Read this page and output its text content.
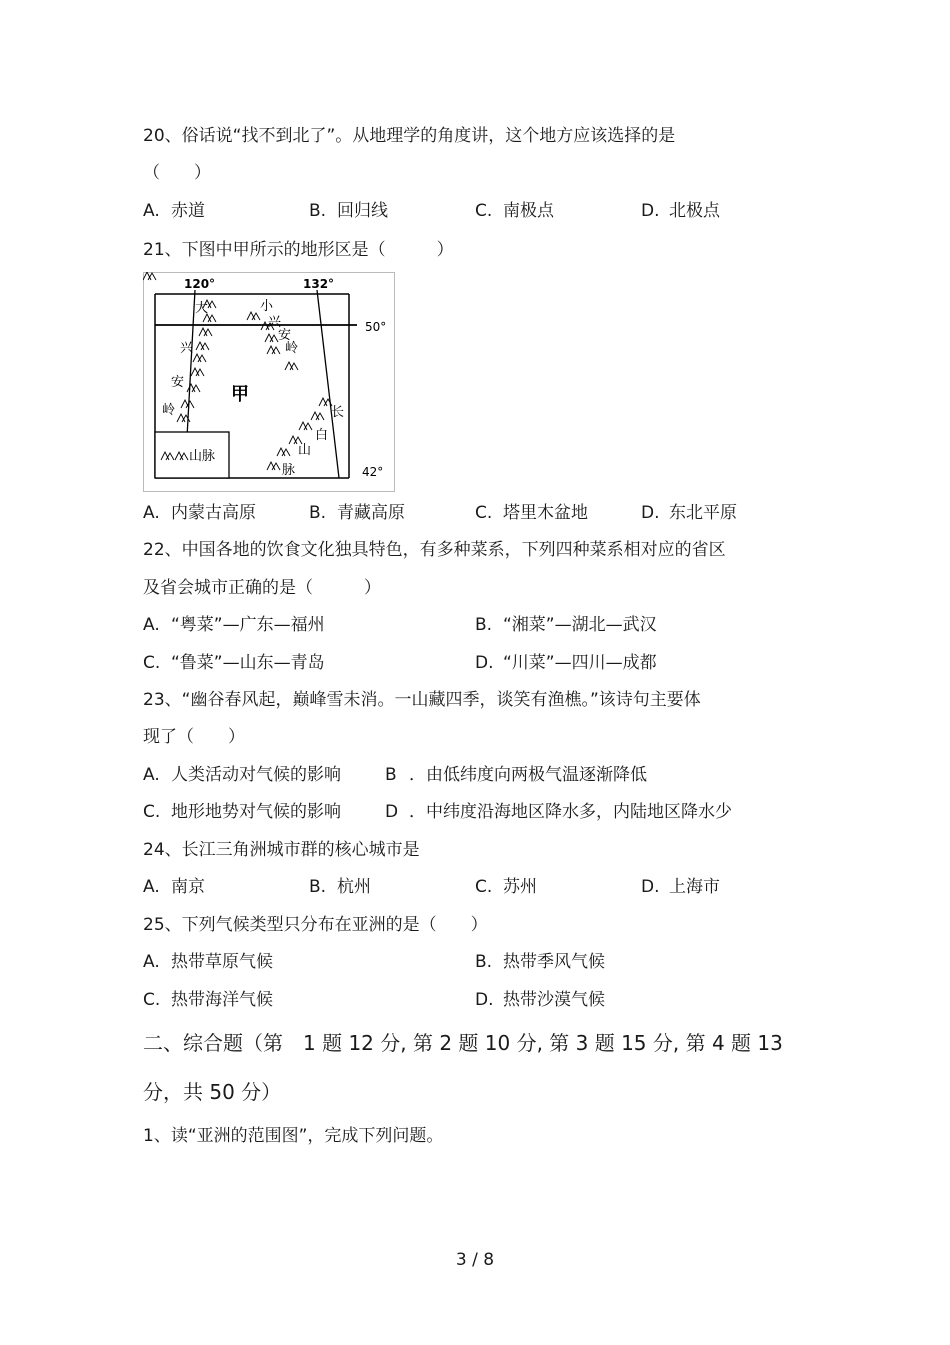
20、俗话说“找不到北了”。从地理学的角度讲，这个地方应该选择的是
（　　）
A. 赤道	B. 回归线	C. 南极点	D. 北极点
21、下图中甲所示的地形区是（　　　）
120°	132°
50°
42°
甲
大
兴
安
岭
小
兴
安
岭
长
白
山
脉
山脉
A. 内蒙古高原	B. 青藏高原	C. 塔里木盆地	D. 东北平原
22、中国各地的饮食文化独具特色，有多种菜系，下列四种菜系相对应的省区
及省会城市正确的是（　　　）
A. “粤菜”—广东—福州	B. “湘菜”—湖北—武汉
C. “鲁菜”—山东—青岛	D. “川菜”—四川—成都
23、“幽谷春风起，巅峰雪未消。一山藏四季，谈笑有渔樵。”该诗句主要体
现了（　　）
A. 人类活动对气候的影响	B ．由低纬度向两极气温逐渐降低
C. 地形地势对气候的影响	D ．中纬度沿海地区降水多，内陆地区降水少
24、长江三角洲城市群的核心城市是
A. 南京	B. 杭州	C. 苏州	D. 上海市
25、下列气候类型只分布在亚洲的是（　　）
A. 热带草原气候	B. 热带季风气候
C. 热带海洋气候	D. 热带沙漠气候
二、综合题（第　1 题 12 分, 第 2 题 10 分, 第 3 题 15 分, 第 4 题 13
分，共 50 分）
1、读“亚洲的范围图”，完成下列问题。
3 / 8
